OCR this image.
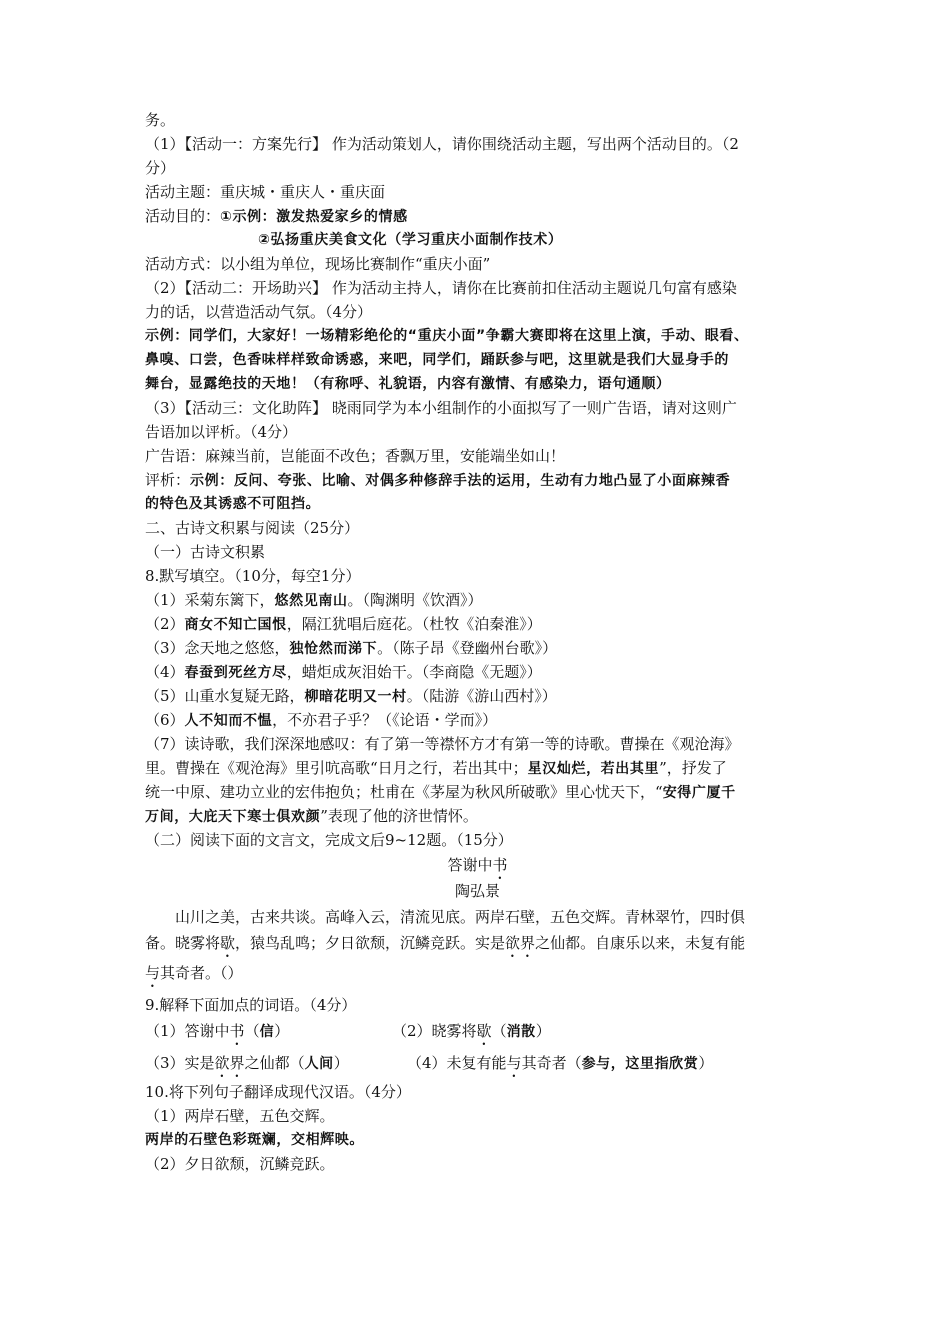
务。

（1）【活动一：方案先行】 作为活动策划人，请你围绕活动主题，写出两个活动目的。（2

分）

活动主题：重庆城・重庆人・重庆面

活动目的：①示例：激发热爱家乡的情感

②弘扬重庆美食文化（学习重庆小面制作技术）

活动方式：以小组为单位，现场比赛制作“重庆小面”

（2）【活动二：开场助兴】 作为活动主持人，请你在比赛前扣住活动主题说几句富有感染

力的话，以营造活动气氛。（4分）

示例：同学们，大家好！一场精彩绝伦的“重庆小面”争霸大赛即将在这里上演，手动、眼看、

鼻嗅、口尝，色香味样样致命诱惑，来吧，同学们，踊跃参与吧，这里就是我们大显身手的

舞台，显露绝技的天地！（有称呼、礼貌语，内容有激情、有感染力，语句通顺）

（3）【活动三：文化助阵】 晓雨同学为本小组制作的小面拟写了一则广告语，请对这则广

告语加以评析。（4分）

广告语：麻辣当前，岂能面不改色；香飘万里，安能端坐如山！

评析：示例：反问、夸张、比喻、对偶多种修辞手法的运用，生动有力地凸显了小面麻辣香

的特色及其诱惑不可阻挡。

二、古诗文积累与阅读（25分）

（一）古诗文积累

8.默写填空。（10分，每空1分）

（1）采菊东篱下，悠然见南山。（陶渊明《饮酒》）

（2）商女不知亡国恨，隔江犹唱后庭花。（杜牧《泊秦淮》）

（3）念天地之悠悠，独怆然而涕下。（陈子昂《登幽州台歌》）

（4）春蚕到死丝方尽，蜡炬成灰泪始干。（李商隐《无题》）

（5）山重水复疑无路，柳暗花明又一村。（陆游《游山西村》）

（6）人不知而不愠，不亦君子乎？（《论语・学而》）

（7）读诗歌，我们深深地感叹：有了第一等襟怀方才有第一等的诗歌。曹操在《观沧海》

里。曹操在《观沧海》里引吭高歌“日月之行，若出其中；星汉灿烂，若出其里”，抒发了

统一中原、建功立业的宏伟抱负；杜甫在《茅屋为秋风所破歌》里心忧天下，“安得广厦千

万间，大庇天下寒士俱欢颜”表现了他的济世情怀。

（二）阅读下面的文言文，完成文后9~12题。（15分）

答谢中书

陶弘景

山川之美，古来共谈。高峰入云，清流见底。两岸石壁，五色交辉。青林翠竹，四时俱

备。晓雾将歇，猿鸟乱鸣；夕日欲颓，沉鳞竞跃。实是欲界之仙都。自康乐以来，未复有能

与其奇者。（）

9.解释下面加点的词语。（4分）

（1）答谢中书（信）	（2）晓雾将歇（消散）

（3）实是欲界之仙都（人间）	（4）未复有能与其奇者（参与，这里指欣赏）

10.将下列句子翻译成现代汉语。（4分）

（1）两岸石壁，五色交辉。

两岸的石壁色彩斑斓，交相辉映。

（2）夕日欲颓，沉鳞竞跃。
